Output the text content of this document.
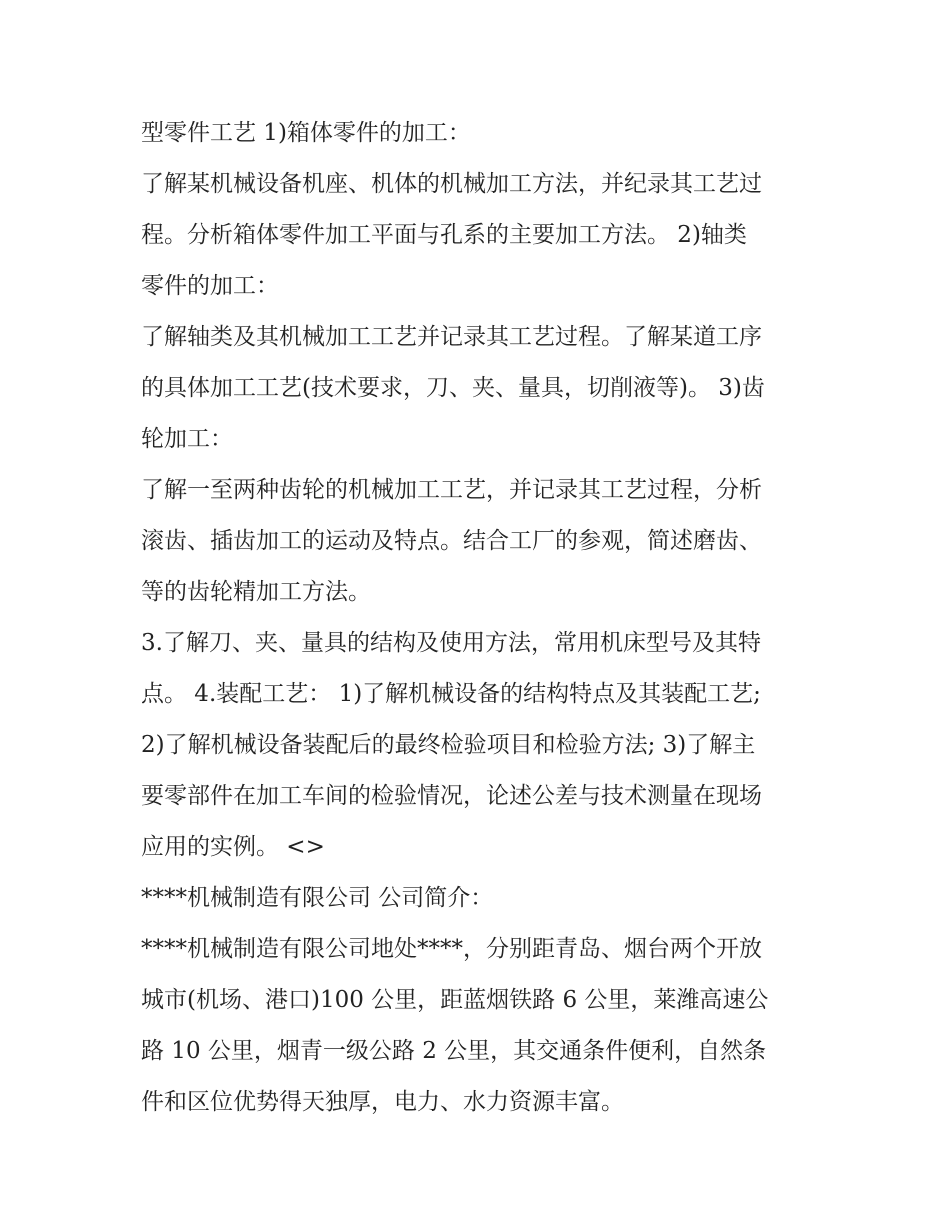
型零件工艺 1)箱体零件的加工：
了解某机械设备机座、机体的机械加工方法，并纪录其工艺过
程。分析箱体零件加工平面与孔系的主要加工方法。 2)轴类
零件的加工：
了解轴类及其机械加工工艺并记录其工艺过程。了解某道工序
的具体加工工艺(技术要求，刀、夹、量具，切削液等)。 3)齿
轮加工：
了解一至两种齿轮的机械加工工艺，并记录其工艺过程，分析
滚齿、插齿加工的运动及特点。结合工厂的参观，简述磨齿、
等的齿轮精加工方法。
3.了解刀、夹、量具的结构及使用方法，常用机床型号及其特
点。 4.装配工艺： 1)了解机械设备的结构特点及其装配工艺;
2)了解机械设备装配后的最终检验项目和检验方法; 3)了解主
要零部件在加工车间的检验情况，论述公差与技术测量在现场
应用的实例。 <>
****机械制造有限公司 公司简介：
****机械制造有限公司地处****，分别距青岛、烟台两个开放
城市(机场、港口)100 公里，距蓝烟铁路 6 公里，莱潍高速公
路 10 公里，烟青一级公路 2 公里，其交通条件便利，自然条
件和区位优势得天独厚，电力、水力资源丰富。
